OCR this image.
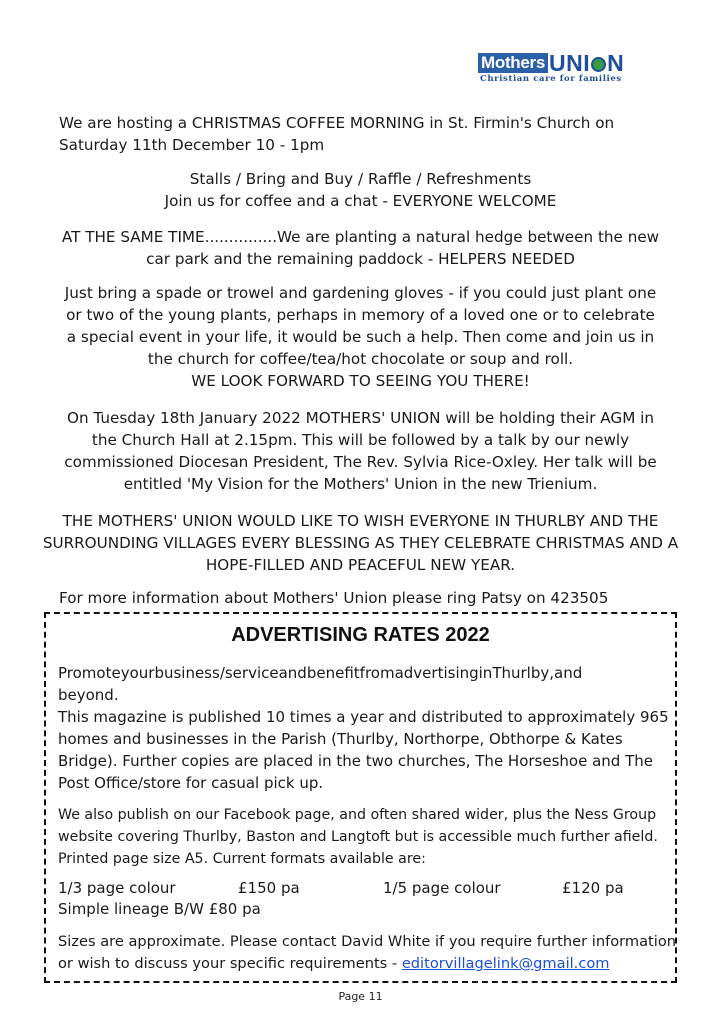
Mothers UNI N
Christian care for families

We are hosting a CHRISTMAS COFFEE MORNING in St. Firmin's Church on
Saturday 11th December 10 - 1pm

Stalls / Bring and Buy / Raffle / Refreshments
Join us for coffee and a chat - EVERYONE WELCOME

AT THE SAME TIME...............We are planting a natural hedge between the new
car park and the remaining paddock - HELPERS NEEDED

Just bring a spade or trowel and gardening gloves - if you could just plant one
or two of the young plants, perhaps in memory of a loved one or to celebrate
a special event in your life, it would be such a help. Then come and join us in
the church for coffee/tea/hot chocolate or soup and roll.
WE LOOK FORWARD TO SEEING YOU THERE!

On Tuesday 18th January 2022 MOTHERS' UNION will be holding their AGM in
the Church Hall at 2.15pm. This will be followed by a talk by our newly
commissioned Diocesan President, The Rev. Sylvia Rice-Oxley. Her talk will be
entitled 'My Vision for the Mothers' Union in the new Trienium.

THE MOTHERS' UNION WOULD LIKE TO WISH EVERYONE IN THURLBY AND THE
SURROUNDING VILLAGES EVERY BLESSING AS THEY CELEBRATE CHRISTMAS AND A
HOPE-FILLED AND PEACEFUL NEW YEAR.

For more information about Mothers' Union please ring Patsy on 423505

ADVERTISING RATES 2022
Promoteyourbusiness/serviceandbenefitfromadvertisinginThurlby,and
beyond.
This magazine is published 10 times a year and distributed to approximately 965
homes and businesses in the Parish (Thurlby, Northorpe, Obthorpe & Kates
Bridge). Further copies are placed in the two churches, The Horseshoe and The
Post Office/store for casual pick up.
We also publish on our Facebook page, and often shared wider, plus the Ness Group
website covering Thurlby, Baston and Langtoft but is accessible much further afield.
Printed page size A5. Current formats available are:
1/3 page colour	£150 pa	1/5 page colour	£120 pa
Simple lineage B/W £80 pa
Sizes are approximate. Please contact David White if you require further information
or wish to discuss your specific requirements - editorvillagelink@gmail.com
Page 11
